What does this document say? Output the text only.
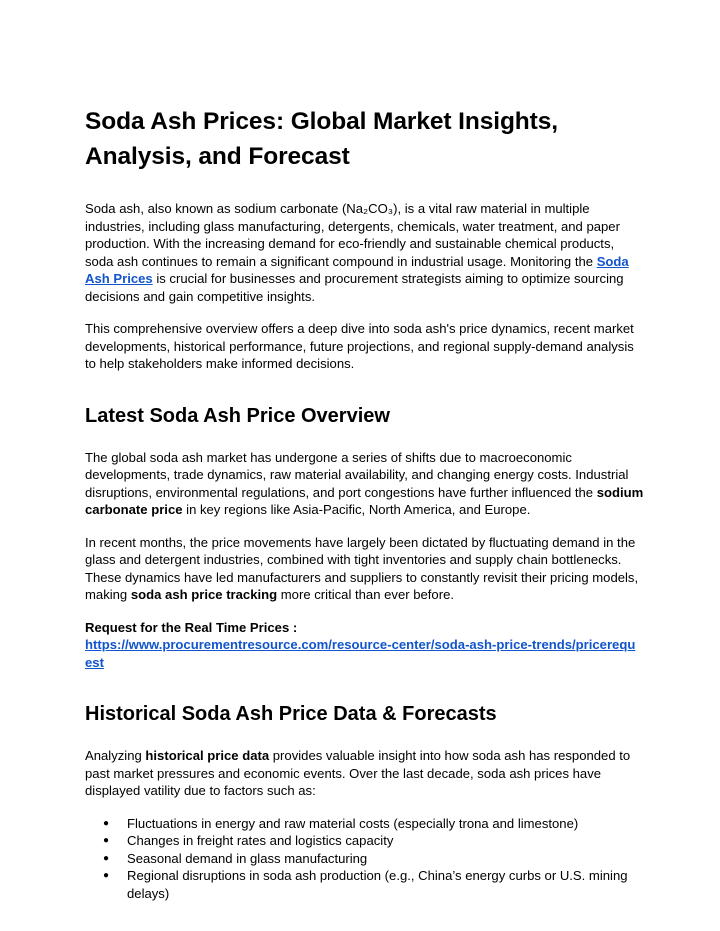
Soda Ash Prices: Global Market Insights, Analysis, and Forecast

Soda ash, also known as sodium carbonate (Na₂CO₃), is a vital raw material in multiple industries, including glass manufacturing, detergents, chemicals, water treatment, and paper production. With the increasing demand for eco-friendly and sustainable chemical products, soda ash continues to remain a significant compound in industrial usage. Monitoring the Soda Ash Prices is crucial for businesses and procurement strategists aiming to optimize sourcing decisions and gain competitive insights.

This comprehensive overview offers a deep dive into soda ash's price dynamics, recent market developments, historical performance, future projections, and regional supply-demand analysis to help stakeholders make informed decisions.

Latest Soda Ash Price Overview

The global soda ash market has undergone a series of shifts due to macroeconomic developments, trade dynamics, raw material availability, and changing energy costs. Industrial disruptions, environmental regulations, and port congestions have further influenced the sodium carbonate price in key regions like Asia-Pacific, North America, and Europe.

In recent months, the price movements have largely been dictated by fluctuating demand in the glass and detergent industries, combined with tight inventories and supply chain bottlenecks. These dynamics have led manufacturers and suppliers to constantly revisit their pricing models, making soda ash price tracking more critical than ever before.

Request for the Real Time Prices :
https://www.procurementresource.com/resource-center/soda-ash-price-trends/pricerequ
est

Historical Soda Ash Price Data & Forecasts

Analyzing historical price data provides valuable insight into how soda ash has responded to past market pressures and economic events. Over the last decade, soda ash prices have displayed vatility due to factors such as:

● Fluctuations in energy and raw material costs (especially trona and limestone)
● Changes in freight rates and logistics capacity
● Seasonal demand in glass manufacturing
● Regional disruptions in soda ash production (e.g., China’s energy curbs or U.S. mining delays)
